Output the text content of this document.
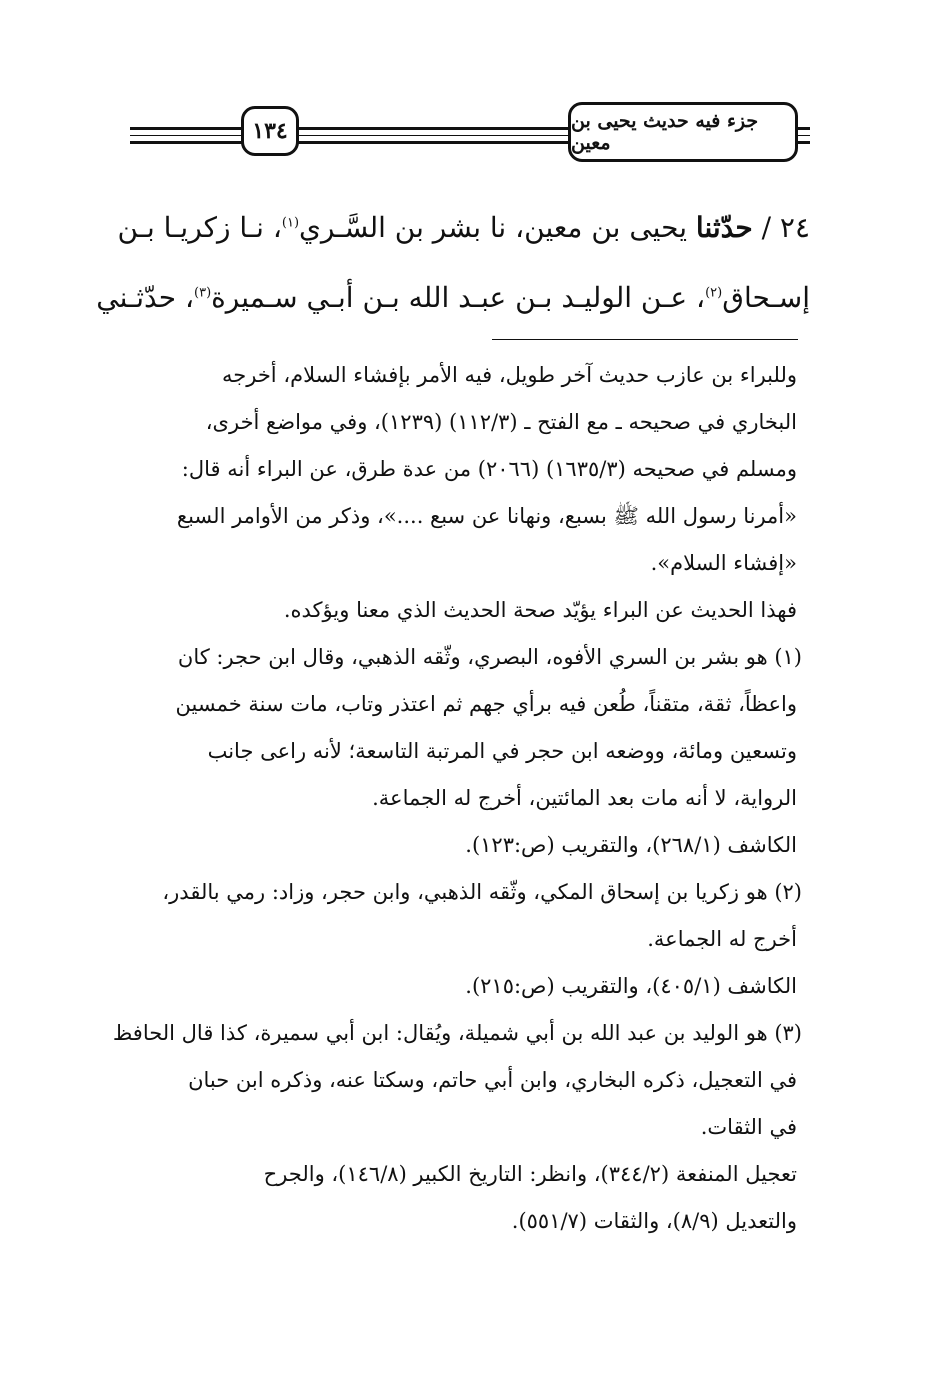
جزء فيه حديث يحيى بن معين
١٣٤
٢٤ / حدّثنا يحيى بن معين، نا بشر بن السَّـري$^{(١)}$، نـا زكريـا بـن
إسـحاق$^{(٢)}$، عـن الوليـد بـن عبـد الله بـن أبـي سـميرة$^{(٣)}$، حدّثـني
وللبراء بن عازب حديث آخر طويل، فيه الأمر بإفشاء السلام، أخرجه
البخاري في صحيحه ـ مع الفتح ـ (١١٢/٣) (١٢٣٩)، وفي مواضع أخرى،
ومسلم في صحيحه (١٦٣٥/٣) (٢٠٦٦) من عدة طرق، عن البراء أنه قال:
«أمرنا رسول الله ﷺ بسبع، ونهانا عن سبع ....»، وذكر من الأوامر السبع
«إفشاء السلام».
فهذا الحديث عن البراء يؤيّد صحة الحديث الذي معنا ويؤكده.
(١) هو بشر بن السري الأفوه، البصري، وثّقه الذهبي، وقال ابن حجر: كان
واعظاً، ثقة، متقناً، طُعن فيه برأي جهم ثم اعتذر وتاب، مات سنة خمسين
وتسعين ومائة، ووضعه ابن حجر في المرتبة التاسعة؛ لأنه راعى جانب
الرواية، لا أنه مات بعد المائتين، أخرج له الجماعة.
الكاشف (٢٦٨/١)، والتقريب (ص:١٢٣).
(٢) هو زكريا بن إسحاق المكي، وثّقه الذهبي، وابن حجر، وزاد: رمي بالقدر،
أخرج له الجماعة.
الكاشف (٤٠٥/١)، والتقريب (ص:٢١٥).
(٣) هو الوليد بن عبد الله بن أبي شميلة، ويُقال: ابن أبي سميرة، كذا قال الحافظ
في التعجيل، ذكره البخاري، وابن أبي حاتم، وسكتا عنه، وذكره ابن حبان
في الثقات.
تعجيل المنفعة (٣٤٤/٢)، وانظر: التاريخ الكبير (١٤٦/٨)، والجرح
والتعديل (٨/٩)، والثقات (٥٥١/٧).
